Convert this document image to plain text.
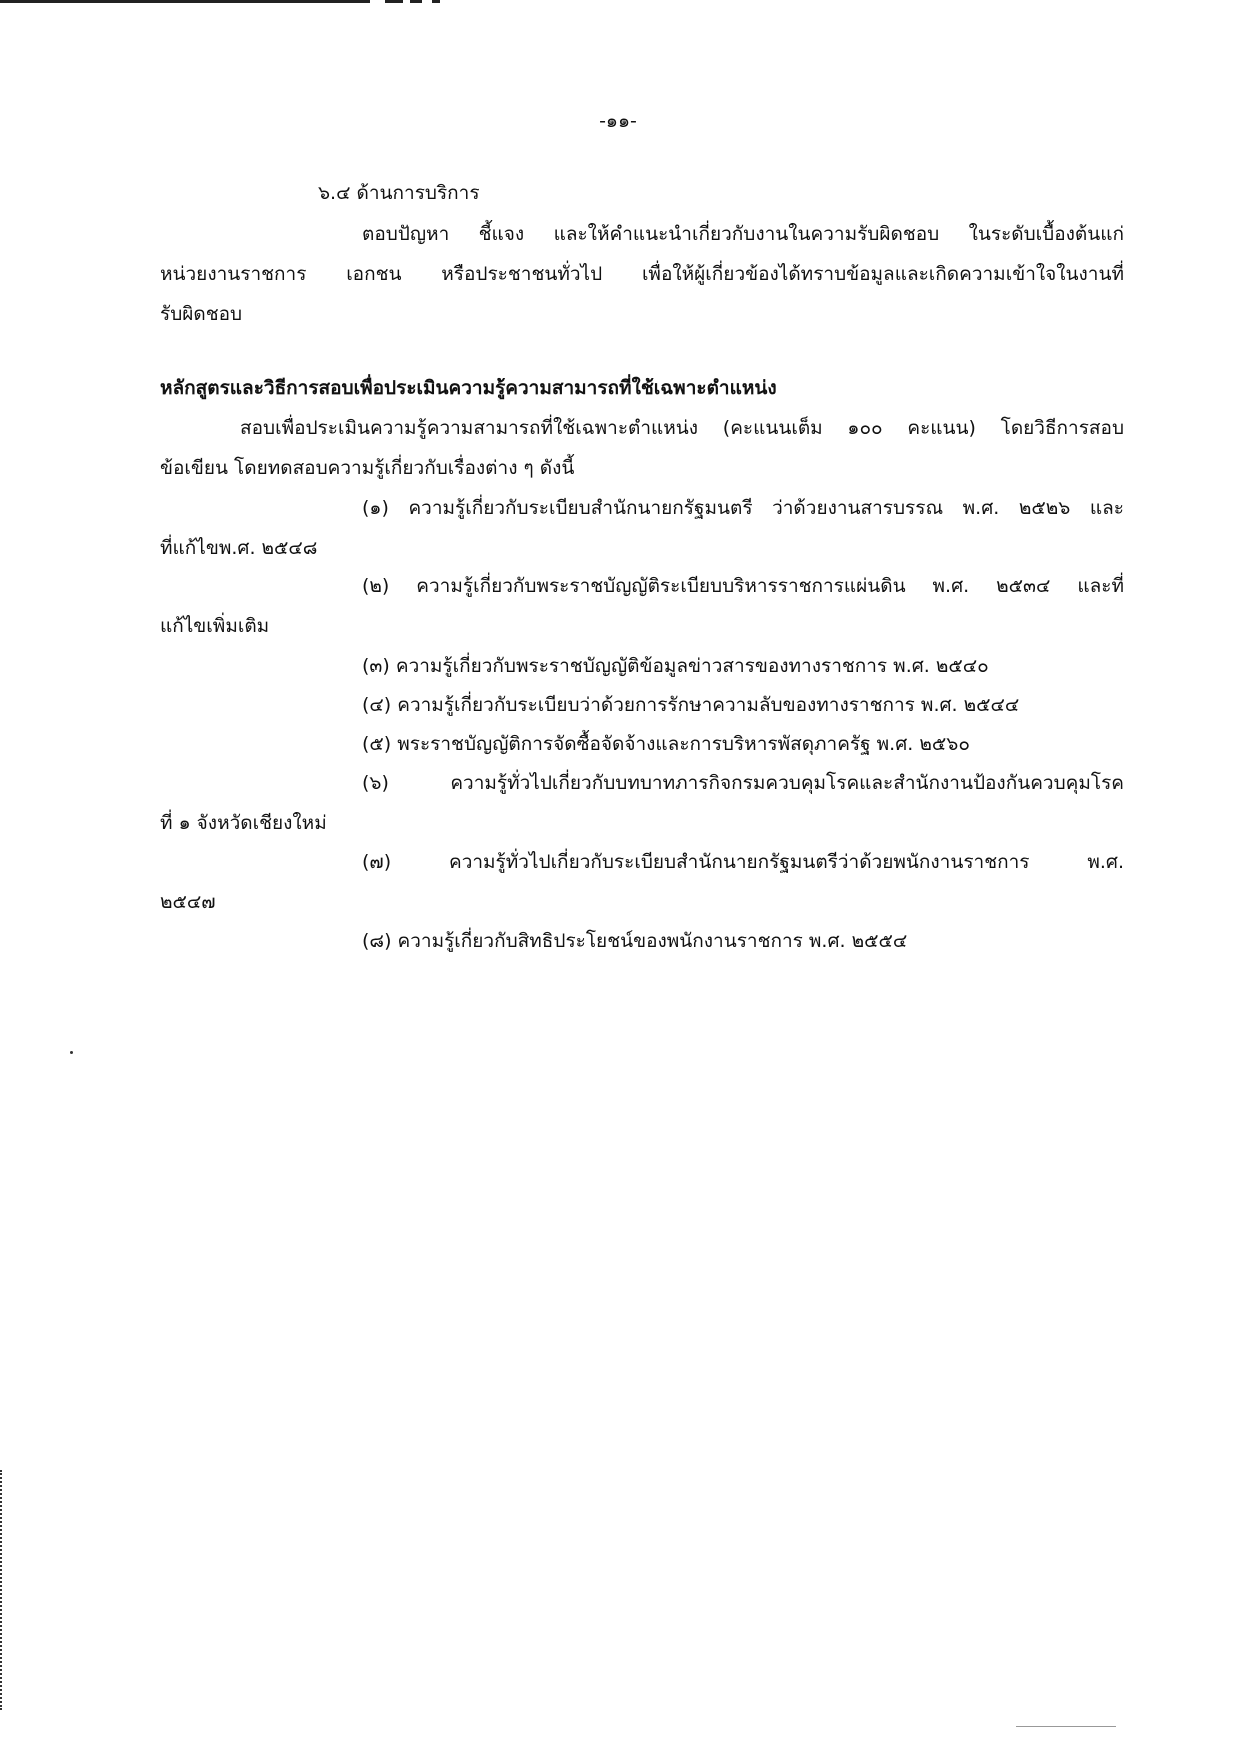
-๑๑-
๖.๔ ด้านการบริการ
ตอบปัญหา ชี้แจง และให้คำแนะนำเกี่ยวกับงานในความรับผิดชอบ ในระดับเบื้องต้นแก่
หน่วยงานราชการ เอกชน หรือประชาชนทั่วไป เพื่อให้ผู้เกี่ยวข้องได้ทราบข้อมูลและเกิดความเข้าใจในงานที่
รับผิดชอบ
หลักสูตรและวิธีการสอบเพื่อประเมินความรู้ความสามารถที่ใช้เฉพาะตำแหน่ง
สอบเพื่อประเมินความรู้ความสามารถที่ใช้เฉพาะตำแหน่ง (คะแนนเต็ม ๑๐๐ คะแนน) โดยวิธีการสอบ
ข้อเขียน โดยทดสอบความรู้เกี่ยวกับเรื่องต่าง ๆ ดังนี้
(๑) ความรู้เกี่ยวกับระเบียบสำนักนายกรัฐมนตรี ว่าด้วยงานสารบรรณ พ.ศ. ๒๕๒๖ และ
ที่แก้ไขพ.ศ. ๒๕๔๘
(๒) ความรู้เกี่ยวกับพระราชบัญญัติระเบียบบริหารราชการแผ่นดิน พ.ศ. ๒๕๓๔ และที่
แก้ไขเพิ่มเติม
(๓) ความรู้เกี่ยวกับพระราชบัญญัติข้อมูลข่าวสารของทางราชการ พ.ศ. ๒๕๔๐
(๔) ความรู้เกี่ยวกับระเบียบว่าด้วยการรักษาความลับของทางราชการ พ.ศ. ๒๕๔๔
(๕) พระราชบัญญัติการจัดซื้อจัดจ้างและการบริหารพัสดุภาครัฐ พ.ศ. ๒๕๖๐
(๖) ความรู้ทั่วไปเกี่ยวกับบทบาทภารกิจกรมควบคุมโรคและสำนักงานป้องกันควบคุมโรค
ที่ ๑ จังหวัดเชียงใหม่
(๗) ความรู้ทั่วไปเกี่ยวกับระเบียบสำนักนายกรัฐมนตรีว่าด้วยพนักงานราชการ พ.ศ.
๒๕๔๗
(๘) ความรู้เกี่ยวกับสิทธิประโยชน์ของพนักงานราชการ พ.ศ. ๒๕๕๔
